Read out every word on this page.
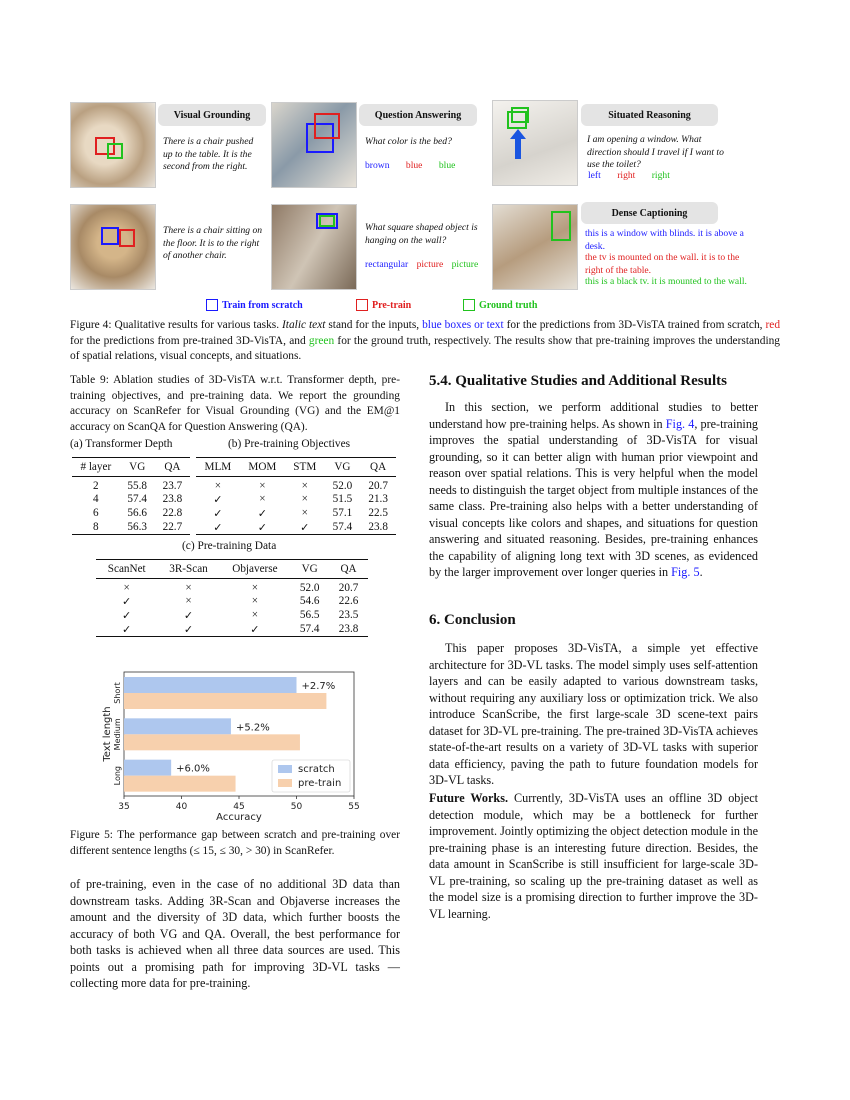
Visual Grounding
There is a chair pushed up to the table. It is the second from the right.
Question Answering
What color is the bed?
brown blue blue
Situated Reasoning
I am opening a window. What direction should I travel if I want to use the toilet?
left right right
There is a chair sitting on the floor. It is to the right of another chair.
What square shaped object is hanging on the wall?
rectangular picture picture
Dense Captioning
this is a window with blinds. it is above a desk.
the tv is mounted on the wall. it is to the right of the table.
this is a black tv. it is mounted to the wall.
Train from scratch	Pre-train	Ground truth
Figure 4: Qualitative results for various tasks. Italic text stand for the inputs, blue boxes or text for the predictions from 3D-VisTA trained from scratch, red for the predictions from pre-trained 3D-VisTA, and green for the ground truth, respectively. The results show that pre-training improves the understanding of spatial relations, visual concepts, and situations.
Table 9: Ablation studies of 3D-VisTA w.r.t. Transformer depth, pre-training objectives, and pre-training data. We report the grounding accuracy on ScanRefer for Visual Grounding (VG) and the EM@1 accuracy on ScanQA for Question Answering (QA).
(a) Transformer Depth	(b) Pre-training Objectives
# layer	VG	QA
2	55.8	23.7
4	57.4	23.8
6	56.6	22.8
8	56.3	22.7
MLM	MOM	STM	VG	QA
×	×	×	52.0	20.7
✓	×	×	51.5	21.3
✓	✓	×	57.1	22.5
✓	✓	✓	57.4	23.8
(c) Pre-training Data
ScanNet	3R-Scan	Objaverse	VG	QA
×	×	×	52.0	20.7
✓	×	×	54.6	22.6
✓	✓	×	56.5	23.5
✓	✓	✓	57.4	23.8
+2.7%
Short
+5.2%
Medium
+6.0%
Long
35	40	45	50	55
Accuracy
Text length
scratch
pre-train
Figure 5: The performance gap between scratch and pre-training over different sentence lengths (≤ 15, ≤ 30, > 30) in ScanRefer.
of pre-training, even in the case of no additional 3D data than downstream tasks. Adding 3R-Scan and Objaverse increases the amount and the diversity of 3D data, which further boosts the accuracy of both VG and QA. Overall, the best performance for both tasks is achieved when all three data sources are used. This points out a promising path for improving 3D-VL tasks — collecting more data for pre-training.
5.4. Qualitative Studies and Additional Results
In this section, we perform additional studies to better understand how pre-training helps. As shown in Fig. 4, pre-training improves the spatial understanding of 3D-VisTA for visual grounding, so it can better align with human prior viewpoint and reason over spatial relations. This is very helpful when the model needs to distinguish the target object from multiple instances of the same class. Pre-training also helps with a better understanding of visual concepts like colors and shapes, and situations for question answering and situated reasoning. Besides, pre-training enhances the capability of aligning long text with 3D scenes, as evidenced by the larger improvement over longer queries in Fig. 5.
6. Conclusion
This paper proposes 3D-VisTA, a simple yet effective architecture for 3D-VL tasks. The model simply uses self-attention layers and can be easily adapted to various downstream tasks, without requiring any auxiliary loss or optimization trick. We also introduce ScanScribe, the first large-scale 3D scene-text pairs dataset for 3D-VL pre-training. The pre-trained 3D-VisTA achieves state-of-the-art results on a variety of 3D-VL tasks with superior data efficiency, paving the path to future foundation models for 3D-VL tasks.
Future Works. Currently, 3D-VisTA uses an offline 3D object detection module, which may be a bottleneck for further improvement. Jointly optimizing the object detection module in the pre-training phase is an interesting future direction. Besides, the data amount in ScanScribe is still insufficient for large-scale 3D-VL pre-training, so scaling up the pre-training dataset as well as the model size is a promising direction to further improve the 3D-VL learning.
